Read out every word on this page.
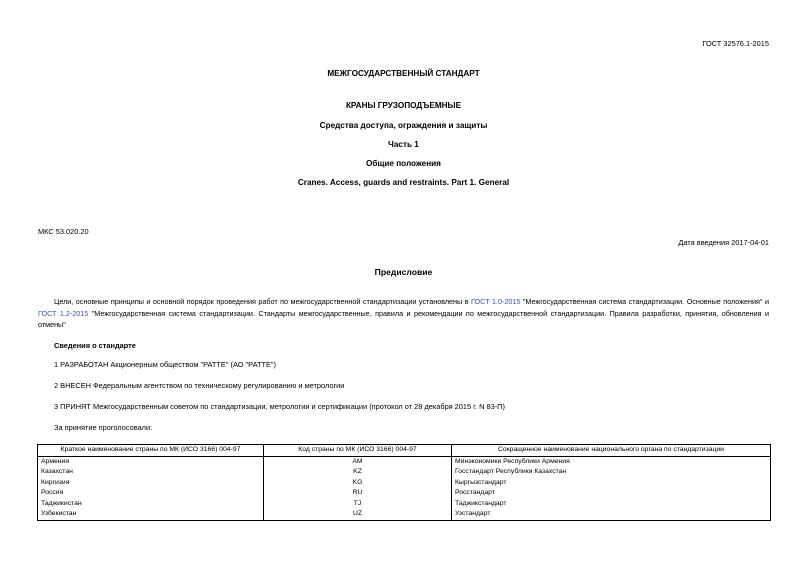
ГОСТ 32576.1-2015
МЕЖГОСУДАРСТВЕННЫЙ СТАНДАРТ
КРАНЫ ГРУЗОПОДЪЕМНЫЕ
Средства доступа, ограждения и защиты
Часть 1
Общие положения
Cranes. Access, guards and restraints. Part 1. General
МКС 53.020.20
Дата введения 2017-04-01
Предисловие
Цели, основные принципы и основной порядок проведения работ по межгосударственной стандартизации установлены в ГОСТ 1.0-2015 "Межгосударственная система стандартизации. Основные положения" и ГОСТ 1.2-2015 "Межгосударственная система стандартизации. Стандарты межгосударственные, правила и рекомендации по межгосударственной стандартизации. Правила разработки, принятия, обновления и отмены"
Сведения о стандарте
1 РАЗРАБОТАН Акционерным обществом "РАТТЕ" (АО "РАТТЕ")
2 ВНЕСЕН Федеральным агентством по техническому регулированию и метрологии
3 ПРИНЯТ Межгосударственным советом по стандартизации, метрологии и сертификации (протокол от 28 декабря 2015 г. N 83-П)
За принятие проголосовали:
Краткое наименование страны по МК (ИСО 3166) 004-97	Код страны по МК (ИСО 3166) 004-97	Сокращенное наименование национального органа по стандартизации
Армения	AM	Минэкономики Республики Армения
Казахстан	KZ	Госстандарт Республики Казахстан
Киргизия	KG	Кыргызстандарт
Россия	RU	Росстандарт
Таджикистан	TJ	Таджикстандарт
Узбекистан	UZ	Узстандарт
